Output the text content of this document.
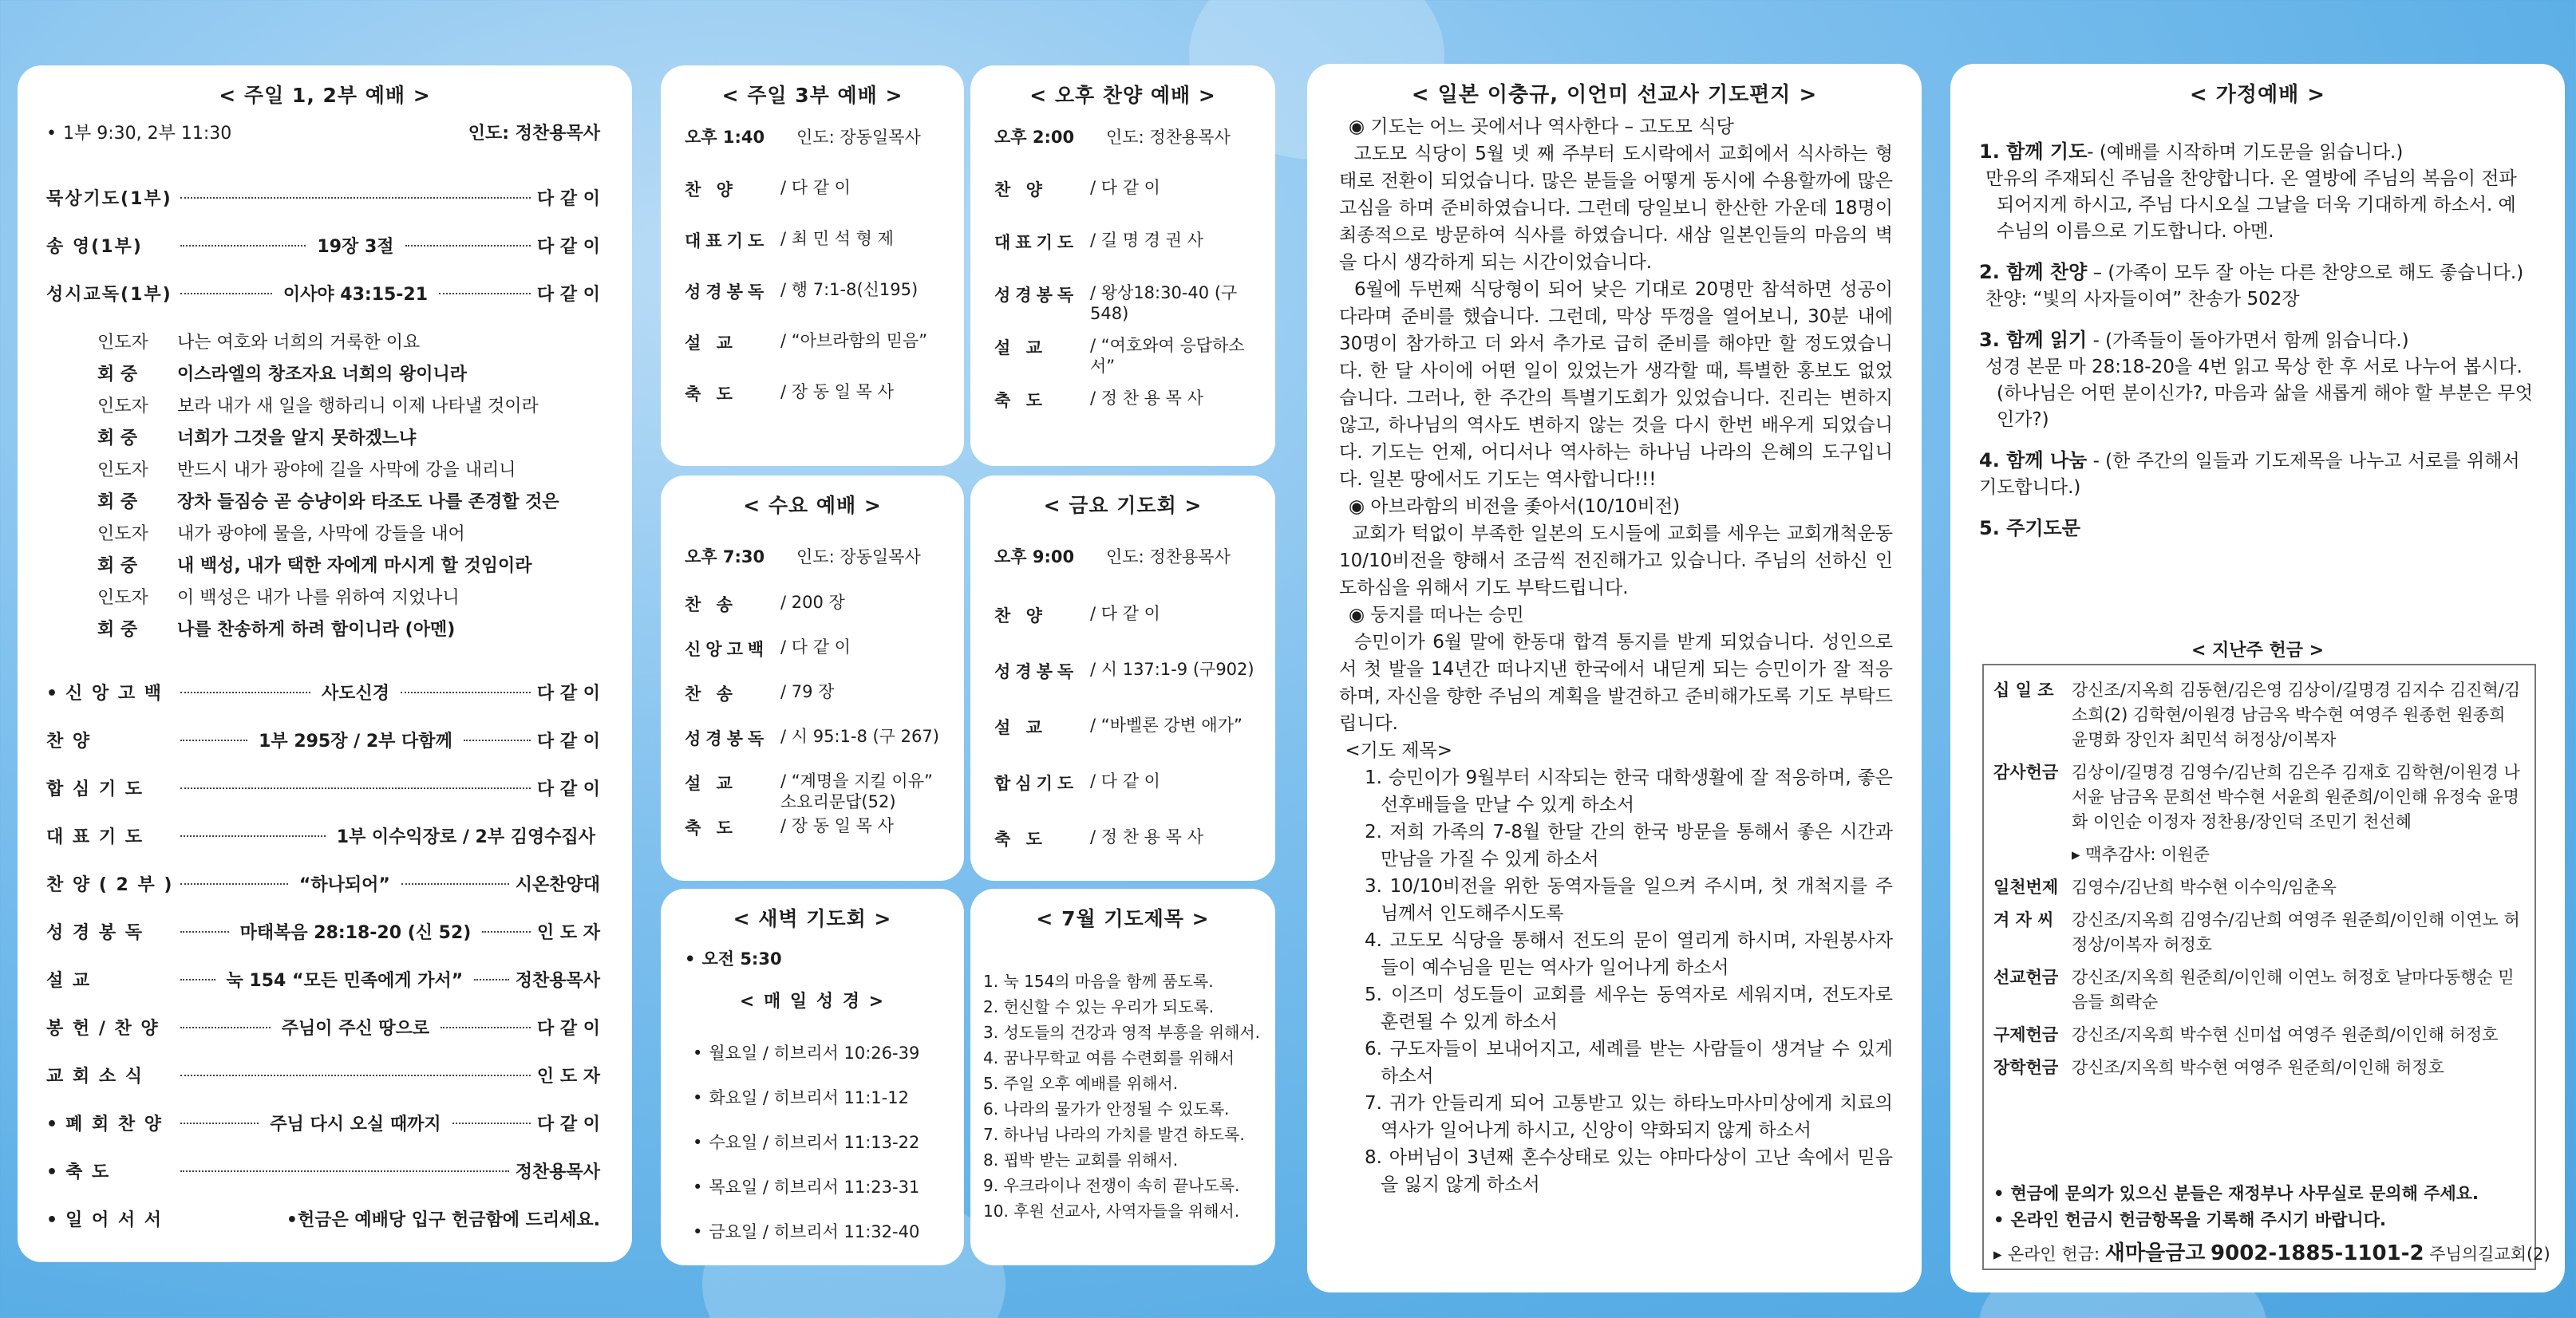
< 주일 1, 2부 예배 >
• 1부 9:30, 2부 11:30	인도: 정찬용목사
묵상기도(1부)	다 같 이
송 영(1부)	19장 3절	다 같 이
성시교독(1부)	이사야 43:15-21	다 같 이
인도자 나는 여호와 너희의 거룩한 이요
회 중 이스라엘의 창조자요 너희의 왕이니라
인도자 보라 내가 새 일을 행하리니 이제 나타낼 것이라
회 중 너희가 그것을 알지 못하겠느냐
인도자 반드시 내가 광야에 길을 사막에 강을 내리니
회 중 장차 들짐승 곧 승냥이와 타조도 나를 존경할 것은
인도자 내가 광야에 물을, 사막에 강들을 내어
회 중 내 백성, 내가 택한 자에게 마시게 할 것임이라
인도자 이 백성은 내가 나를 위하여 지었나니
회 중 나를 찬송하게 하려 함이니라 (아멘)
• 신 앙 고 백	사도신경	다 같 이
찬 양	1부 295장 / 2부 다함께	다 같 이
합 심 기 도	다 같 이
대 표 기 도	1부 이수익장로 / 2부 김영수집사
찬 양 ( 2 부 )	“하나되어”	시온찬양대
성 경 봉 독	마태복음 28:18-20 (신 52)	인 도 자
설 교	눅 154 “모든 민족에게 가서”	정찬용목사
봉 헌 / 찬 양	주님이 주신 땅으로	다 같 이
교 회 소 식	인 도 자
• 폐 회 찬 양	주님 다시 오실 때까지	다 같 이
• 축 도	정찬용목사
• 일 어 서 서	•헌금은 예배당 입구 헌금함에 드리세요.
< 주일 3부 예배 >
오후 1:40	인도: 장동일목사
찬 양	/ 다 같 이
대표기도 / 최 민 석 형 제
성경봉독 / 행 7:1-8(신195)
설 교	/ “아브라함의 믿음”
축 도	/ 장 동 일 목 사
< 오후 찬양 예배 >
오후 2:00	인도: 정찬용목사
찬 양	/ 다 같 이
대표기도 / 길 명 경 권 사
성경봉독 / 왕상18:30-40 (구548)
설 교	/ “여호와여 응답하소서”
축 도	/ 정 찬 용 목 사
< 수요 예배 >
오후 7:30	인도: 장동일목사
찬 송	/ 200 장
신앙고백 / 다 같 이
찬 송	/ 79 장
성경봉독 / 시 95:1-8 (구 267)
설 교	/ “계명을 지킬 이유” 소요리문답(52)
축 도	/ 장 동 일 목 사
< 금요 기도회 >
오후 9:00	인도: 정찬용목사
찬 양	/ 다 같 이
성경봉독 / 시 137:1-9 (구902)
설 교	/ “바벨론 강변 애가”
합심기도 / 다 같 이
축 도	/ 정 찬 용 목 사
< 새벽 기도회 >
• 오전 5:30
< 매 일 성 경 >
• 월요일 / 히브리서 10:26-39
• 화요일 / 히브리서 11:1-12
• 수요일 / 히브리서 11:13-22
• 목요일 / 히브리서 11:23-31
• 금요일 / 히브리서 11:32-40
< 7월 기도제목 >
1. 눅 154의 마음을 함께 품도록.
2. 헌신할 수 있는 우리가 되도록.
3. 성도들의 건강과 영적 부흥을 위해서.
4. 꿈나무학교 여름 수련회를 위해서
5. 주일 오후 예배를 위해서.
6. 나라의 물가가 안정될 수 있도록.
7. 하나님 나라의 가치를 발견 하도록.
8. 핍박 받는 교회를 위해서.
9. 우크라이나 전쟁이 속히 끝나도록.
10. 후원 선교사, 사역자들을 위해서.
< 일본 이충규, 이언미 선교사 기도편지 >

◉ 기도는 어느 곳에서나 역사한다 – 고도모 식당

고도모 식당이 5월 넷 째 주부터 도시락에서 교회에서 식사하는 형태로 전환이 되었습니다. 많은 분들을 어떻게 동시에 수용할까에 많은 고심을 하며 준비하였습니다. 그런데 당일보니 한산한 가운데 18명이 최종적으로 방문하여 식사를 하였습니다. 새삼 일본인들의 마음의 벽을 다시 생각하게 되는 시간이었습니다.

6월에 두번째 식당형이 되어 낮은 기대로 20명만 참석하면 성공이다라며 준비를 했습니다. 그런데, 막상 뚜껑을 열어보니, 30분 내에 30명이 참가하고 더 와서 추가로 급히 준비를 해야만 할 정도였습니다. 한 달 사이에 어떤 일이 있었는가 생각할 때, 특별한 홍보도 없었습니다. 그러나, 한 주간의 특별기도회가 있었습니다. 진리는 변하지 않고, 하나님의 역사도 변하지 않는 것을 다시 한번 배우게 되었습니다. 기도는 언제, 어디서나 역사하는 하나님 나라의 은혜의 도구입니다. 일본 땅에서도 기도는 역사합니다!!!

◉ 아브라함의 비전을 좇아서(10/10비전)

교회가 턱없이 부족한 일본의 도시들에 교회를 세우는 교회개척운동 10/10비전을 향해서 조금씩 전진해가고 있습니다. 주님의 선하신 인도하심을 위해서 기도 부탁드립니다.

◉ 둥지를 떠나는 승민

승민이가 6월 말에 한동대 합격 통지를 받게 되었습니다. 성인으로서 첫 발을 14년간 떠나지낸 한국에서 내딛게 되는 승민이가 잘 적응하며, 자신을 향한 주님의 계획을 발견하고 준비해가도록 기도 부탁드립니다.

<기도 제목>

1. 승민이가 9월부터 시작되는 한국 대학생활에 잘 적응하며, 좋은 선후배들을 만날 수 있게 하소서

2. 저희 가족의 7-8월 한달 간의 한국 방문을 통해서 좋은 시간과 만남을 가질 수 있게 하소서

3. 10/10비전을 위한 동역자들을 일으켜 주시며, 첫 개척지를 주님께서 인도해주시도록

4. 고도모 식당을 통해서 전도의 문이 열리게 하시며, 자원봉사자들이 예수님을 믿는 역사가 일어나게 하소서

5. 이즈미 성도들이 교회를 세우는 동역자로 세워지며, 전도자로 훈련될 수 있게 하소서

6. 구도자들이 보내어지고, 세례를 받는 사람들이 생겨날 수 있게 하소서

7. 귀가 안들리게 되어 고통받고 있는 하타노마사미상에게 치료의 역사가 일어나게 하시고, 신앙이 약화되지 않게 하소서

8. 아버님이 3년째 혼수상태로 있는 야마다상이 고난 속에서 믿음을 잃지 않게 하소서

< 가정예배 >
1. 함께 기도- (예배를 시작하며 기도문을 읽습니다.)
만유의 주재되신 주님을 찬양합니다. 온 열방에 주님의 복음이 전파되어지게 하시고, 주님 다시오실 그날을 더욱 기대하게 하소서. 예수님의 이름으로 기도합니다. 아멘.
2. 함께 찬양 – (가족이 모두 잘 아는 다른 찬양으로 해도 좋습니다.)
찬양: “빛의 사자들이여” 찬송가 502장
3. 함께 읽기 - (가족들이 돌아가면서 함께 읽습니다.)
성경 본문 마 28:18-20을 4번 읽고 묵상 한 후 서로 나누어 봅시다. (하나님은 어떤 분이신가?, 마음과 삶을 새롭게 해야 할 부분은 무엇인가?)
4. 함께 나눔 - (한 주간의 일들과 기도제목을 나누고 서로를 위해서 기도합니다.)
5. 주기도문
< 지난주 헌금 >
십 일 조	강신조/지옥희 김동현/김은영 김상이/길명경 김지수 김진혁/김소희(2) 김학현/이원경 남금옥 박수현 여영주 원종헌 원종희 윤명화 장인자 최민석 허정상/이복자
감사헌금 김상이/길명경 김영수/김난희 김은주 김재호 김학현/이원경 나서윤 남금옥 문희선 박수현 서윤희 원준희/이인해 유정숙 윤명화 이인순 이정자 정찬용/장인덕 조민기 천선혜
▸ 맥추감사: 이원준
일천번제 김영수/김난희 박수현 이수익/임춘옥
겨 자 씨	강신조/지옥희 김영수/김난희 여영주 원준희/이인해 이연노 허정상/이복자 허정호
선교헌금 강신조/지옥희 원준희/이인해 이연노 허정호 날마다동행순 믿음들 희락순
구제헌금 강신조/지옥희 박수현 신미섭 여영주 원준희/이인해 허정호
장학헌금 강신조/지옥희 박수현 여영주 원준희/이인해 허정호
• 현금에 문의가 있으신 분들은 재정부나 사무실로 문의해 주세요.
• 온라인 헌금시 헌금항목을 기록해 주시기 바랍니다.
▸ 온라인 헌금: 새마을금고 9002-1885-1101-2 주님의길교회(2)
